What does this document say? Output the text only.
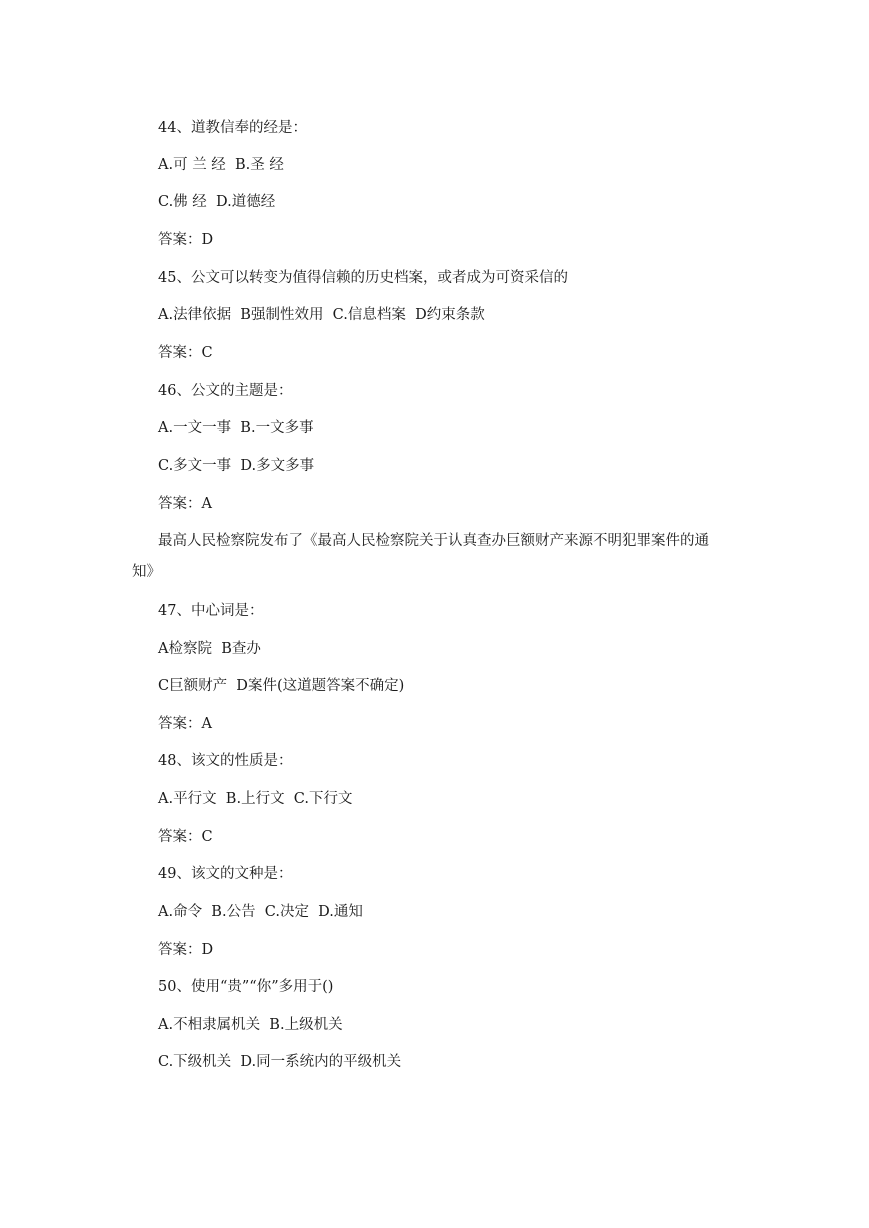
44、道教信奉的经是：
A.可 兰 经  B.圣 经
C.佛 经  D.道德经
答案：D
45、公文可以转变为值得信赖的历史档案，或者成为可资采信的
A.法律依据  B强制性效用  C.信息档案  D约束条款
答案：C
46、公文的主题是：
A.一文一事  B.一文多事
C.多文一事  D.多文多事
答案：A
最高人民检察院发布了《最高人民检察院关于认真查办巨额财产来源不明犯罪案件的通
知》
47、中心词是：
A检察院  B查办
C巨额财产  D案件(这道题答案不确定)
答案：A
48、该文的性质是：
A.平行文  B.上行文  C.下行文
答案：C
49、该文的文种是：
A.命令  B.公告  C.决定  D.通知
答案：D
50、使用“贵”“你”多用于()
A.不相隶属机关  B.上级机关
C.下级机关  D.同一系统内的平级机关
